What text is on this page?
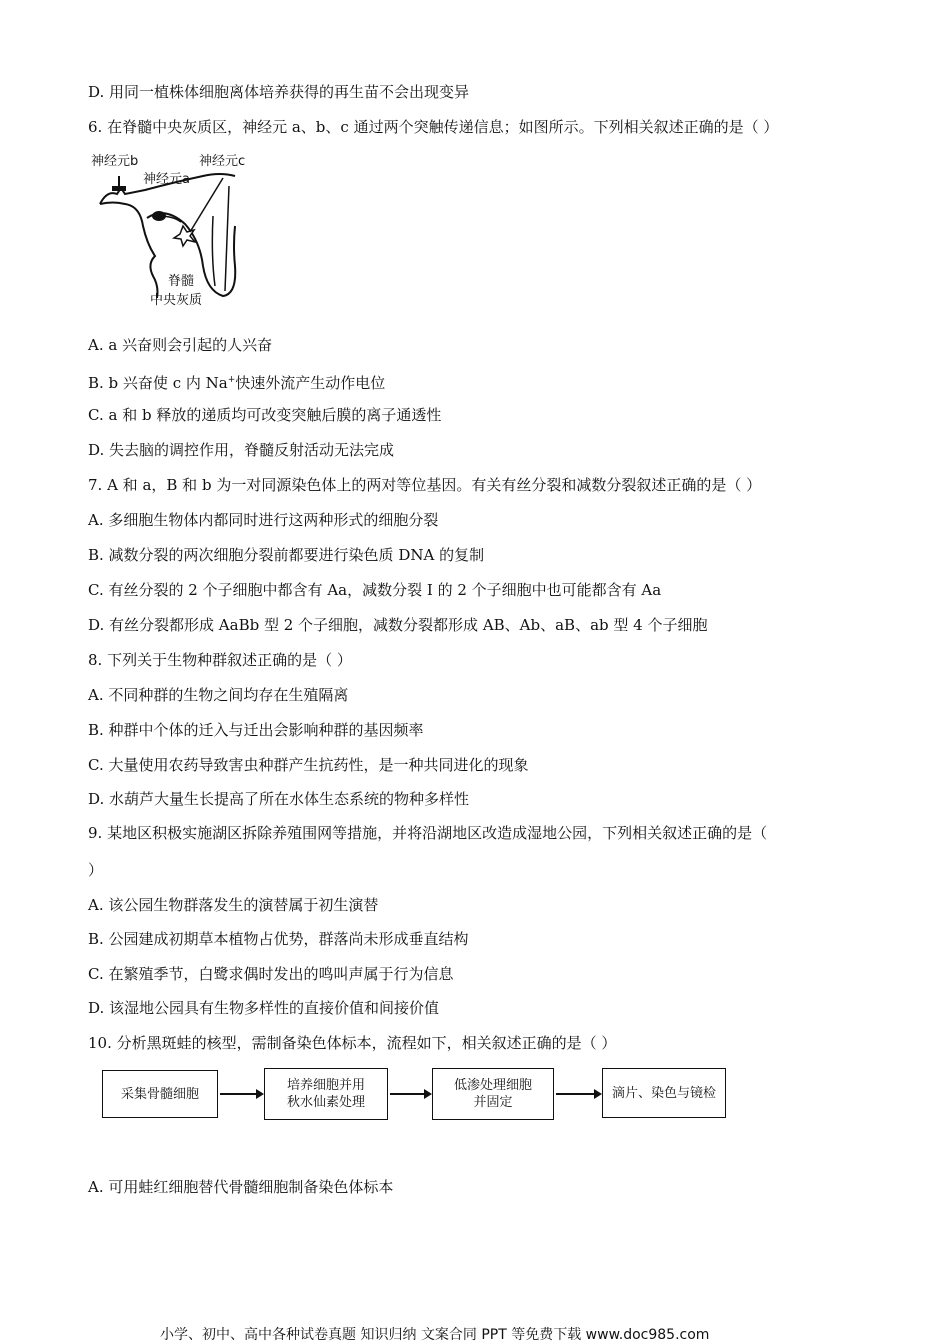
D. 用同一植株体细胞离体培养获得的再生苗不会出现变异
6. 在脊髓中央灰质区，神经元 a、b、c 通过两个突触传递信息；如图所示。下列相关叙述正确的是（ ）
神经元b
神经元a
神经元c
脊髓
中央灰质
A. a 兴奋则会引起的人兴奋
B. b 兴奋使 c 内 Na+快速外流产生动作电位
C. a 和 b 释放的递质均可改变突触后膜的离子通透性
D. 失去脑的调控作用，脊髓反射活动无法完成
7. A 和 a，B 和 b 为一对同源染色体上的两对等位基因。有关有丝分裂和减数分裂叙述正确的是（ ）
A. 多细胞生物体内都同时进行这两种形式的细胞分裂
B. 减数分裂的两次细胞分裂前都要进行染色质 DNA 的复制
C. 有丝分裂的 2 个子细胞中都含有 Aa，减数分裂 I 的 2 个子细胞中也可能都含有 Aa
D. 有丝分裂都形成 AaBb 型 2 个子细胞，减数分裂都形成 AB、Ab、aB、ab 型 4 个子细胞
8. 下列关于生物种群叙述正确的是（ ）
A. 不同种群的生物之间均存在生殖隔离
B. 种群中个体的迁入与迁出会影响种群的基因频率
C. 大量使用农药导致害虫种群产生抗药性，是一种共同进化的现象
D. 水葫芦大量生长提高了所在水体生态系统的物种多样性
9. 某地区积极实施湖区拆除养殖围网等措施，并将沿湖地区改造成湿地公园，下列相关叙述正确的是（
）
A. 该公园生物群落发生的演替属于初生演替
B. 公园建成初期草本植物占优势，群落尚未形成垂直结构
C. 在繁殖季节，白鹭求偶时发出的鸣叫声属于行为信息
D. 该湿地公园具有生物多样性的直接价值和间接价值
10. 分析黑斑蛙的核型，需制备染色体标本，流程如下，相关叙述正确的是（ ）
采集骨髓细胞
培养细胞并用
秋水仙素处理
低渗处理细胞
并固定
滴片、染色与镜检
A. 可用蛙红细胞替代骨髓细胞制备染色体标本
小学、初中、高中各种试卷真题 知识归纳 文案合同 PPT 等免费下载 www.doc985.com
